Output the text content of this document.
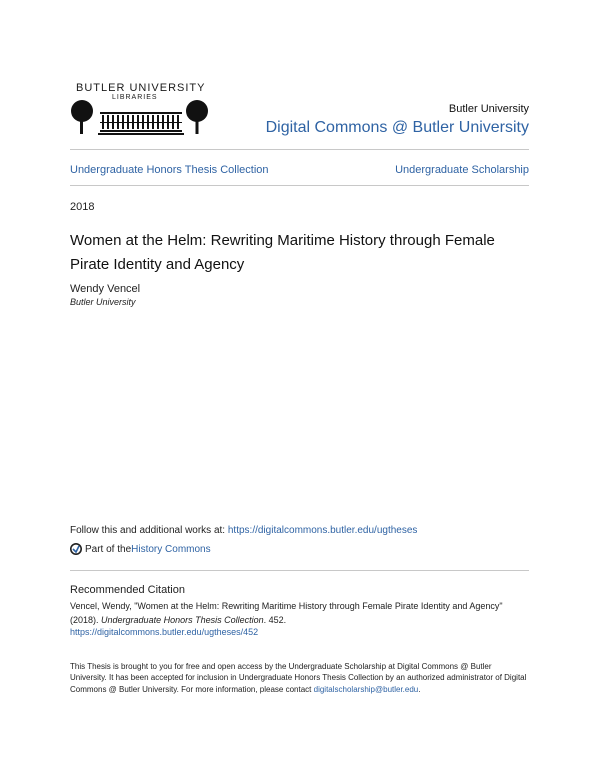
BUTLER UNIVERSITY
LIBRARIES
Butler University
Digital Commons @ Butler University
Undergraduate Honors Thesis Collection	Undergraduate Scholarship
2018
Women at the Helm: Rewriting Maritime History through Female Pirate Identity and Agency
Wendy Vencel
Butler University
Follow this and additional works at: https://digitalcommons.butler.edu/ugtheses
Part of the History Commons
Recommended Citation
Vencel, Wendy, "Women at the Helm: Rewriting Maritime History through Female Pirate Identity and Agency" (2018). Undergraduate Honors Thesis Collection. 452.
https://digitalcommons.butler.edu/ugtheses/452
This Thesis is brought to you for free and open access by the Undergraduate Scholarship at Digital Commons @ Butler University. It has been accepted for inclusion in Undergraduate Honors Thesis Collection by an authorized administrator of Digital Commons @ Butler University. For more information, please contact digitalscholarship@butler.edu.
